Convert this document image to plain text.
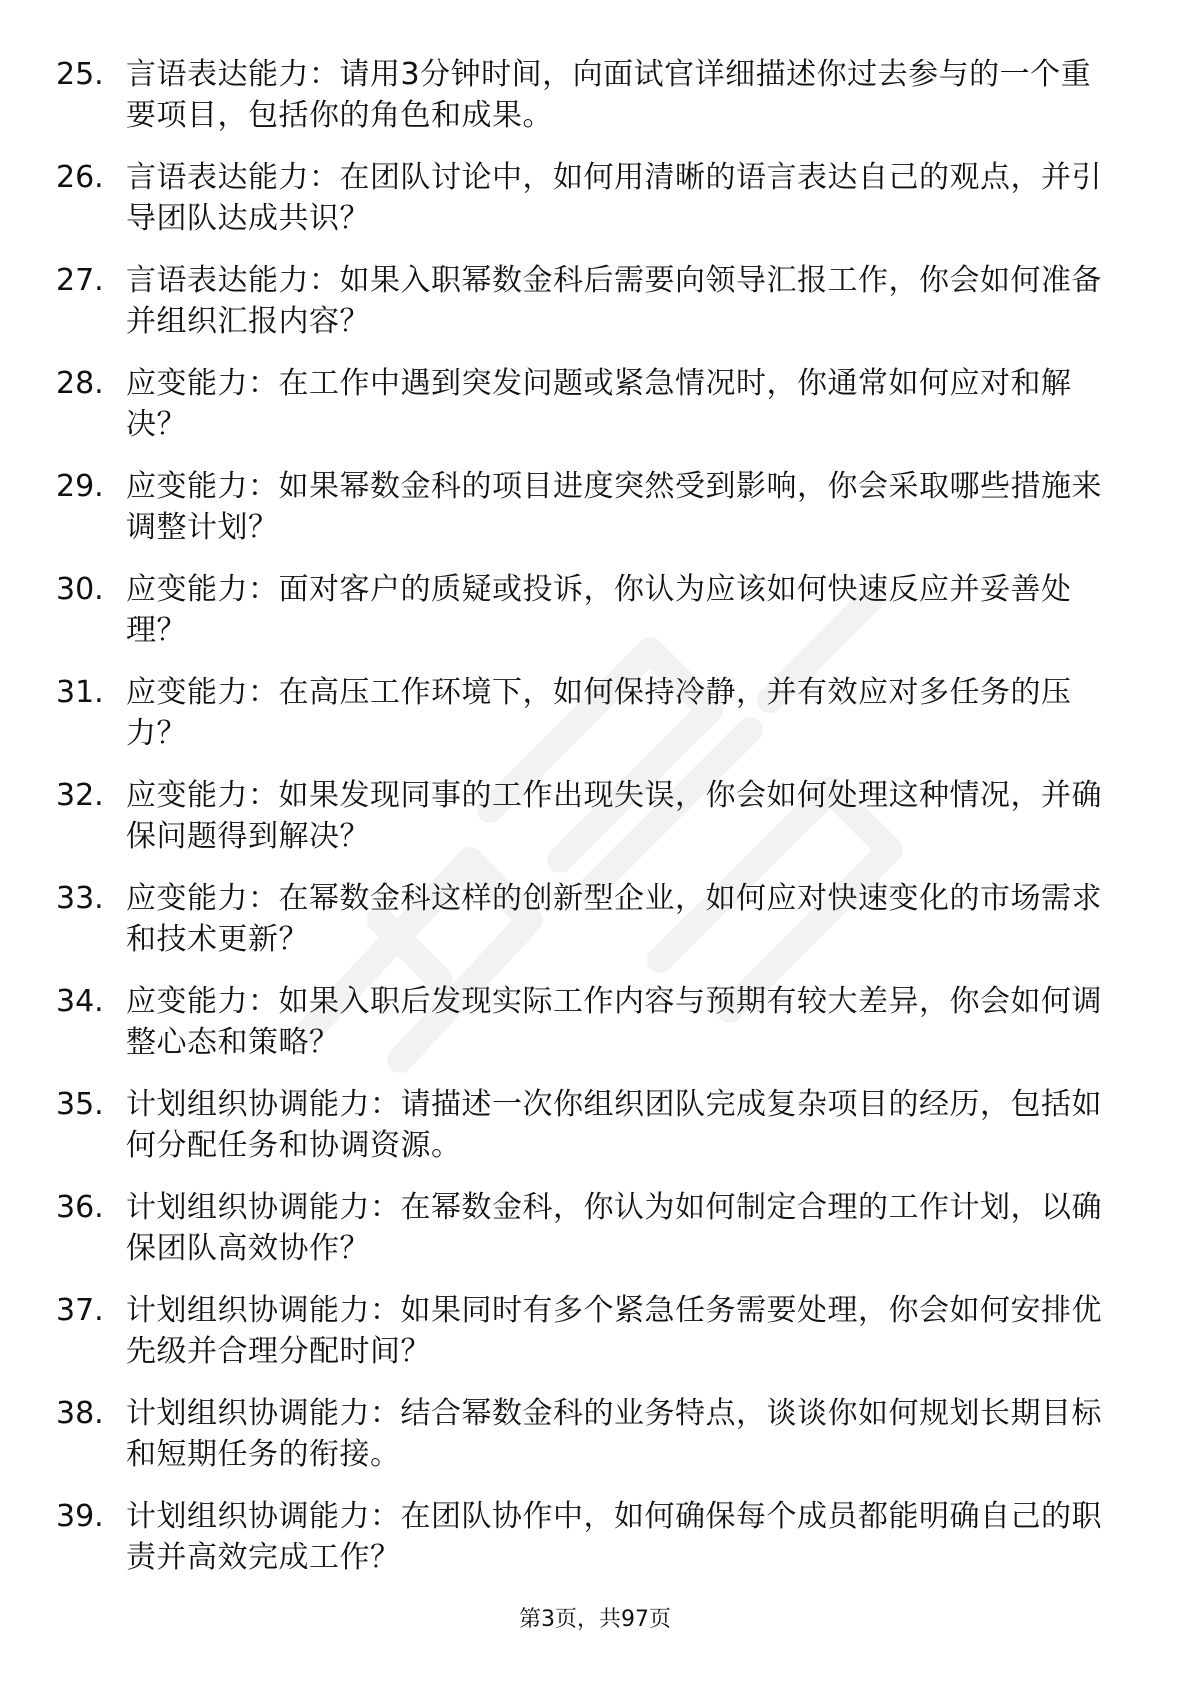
25. 言语表达能力：请用3分钟时间，向面试官详细描述你过去参与的一个重要项目，包括你的角色和成果。
26. 言语表达能力：在团队讨论中，如何用清晰的语言表达自己的观点，并引导团队达成共识？
27. 言语表达能力：如果入职幂数金科后需要向领导汇报工作，你会如何准备并组织汇报内容？
28. 应变能力：在工作中遇到突发问题或紧急情况时，你通常如何应对和解决？
29. 应变能力：如果幂数金科的项目进度突然受到影响，你会采取哪些措施来调整计划？
30. 应变能力：面对客户的质疑或投诉，你认为应该如何快速反应并妥善处理？
31. 应变能力：在高压工作环境下，如何保持冷静，并有效应对多任务的压力？
32. 应变能力：如果发现同事的工作出现失误，你会如何处理这种情况，并确保问题得到解决？
33. 应变能力：在幂数金科这样的创新型企业，如何应对快速变化的市场需求和技术更新？
34. 应变能力：如果入职后发现实际工作内容与预期有较大差异，你会如何调整心态和策略？
35. 计划组织协调能力：请描述一次你组织团队完成复杂项目的经历，包括如何分配任务和协调资源。
36. 计划组织协调能力：在幂数金科，你认为如何制定合理的工作计划，以确保团队高效协作？
37. 计划组织协调能力：如果同时有多个紧急任务需要处理，你会如何安排优先级并合理分配时间？
38. 计划组织协调能力：结合幂数金科的业务特点，谈谈你如何规划长期目标和短期任务的衔接。
39. 计划组织协调能力：在团队协作中，如何确保每个成员都能明确自己的职责并高效完成工作？
第3页，共97页
